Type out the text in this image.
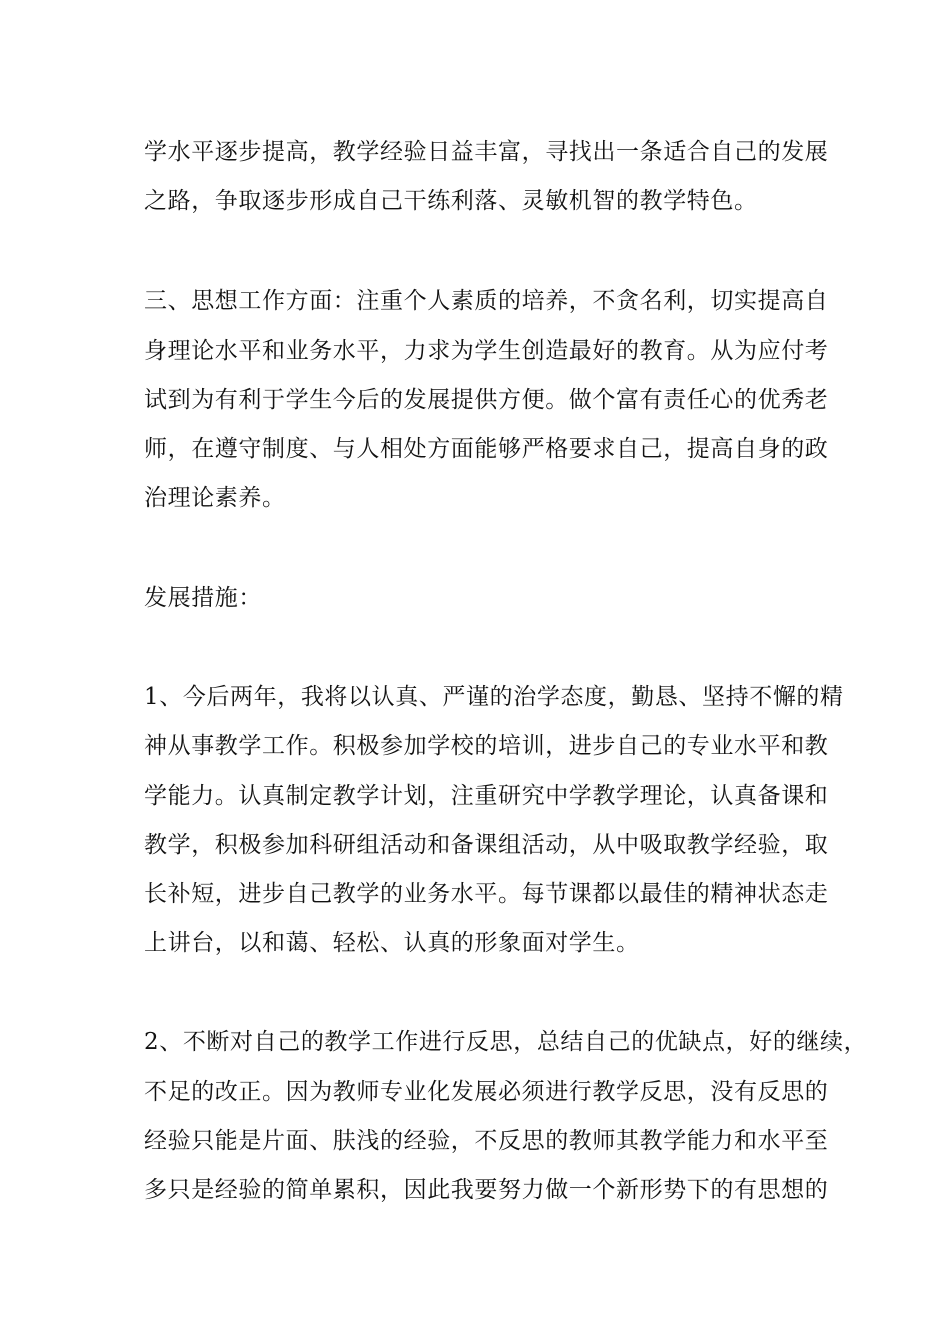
学水平逐步提高，教学经验日益丰富，寻找出一条适合自己的发展
之路，争取逐步形成自己干练利落、灵敏机智的教学特色。
三、思想工作方面：注重个人素质的培养，不贪名利，切实提高自
身理论水平和业务水平，力求为学生创造最好的教育。从为应付考
试到为有利于学生今后的发展提供方便。做个富有责任心的优秀老
师，在遵守制度、与人相处方面能够严格要求自己，提高自身的政
治理论素养。
发展措施：
1、今后两年，我将以认真、严谨的治学态度，勤恳、坚持不懈的精
神从事教学工作。积极参加学校的培训，进步自己的专业水平和教
学能力。认真制定教学计划，注重研究中学教学理论，认真备课和
教学，积极参加科研组活动和备课组活动，从中吸取教学经验，取
长补短，进步自己教学的业务水平。每节课都以最佳的精神状态走
上讲台，以和蔼、轻松、认真的形象面对学生。
2、不断对自己的教学工作进行反思，总结自己的优缺点，好的继续，
不足的改正。因为教师专业化发展必须进行教学反思，没有反思的
经验只能是片面、肤浅的经验，不反思的教师其教学能力和水平至
多只是经验的简单累积，因此我要努力做一个新形势下的有思想的
